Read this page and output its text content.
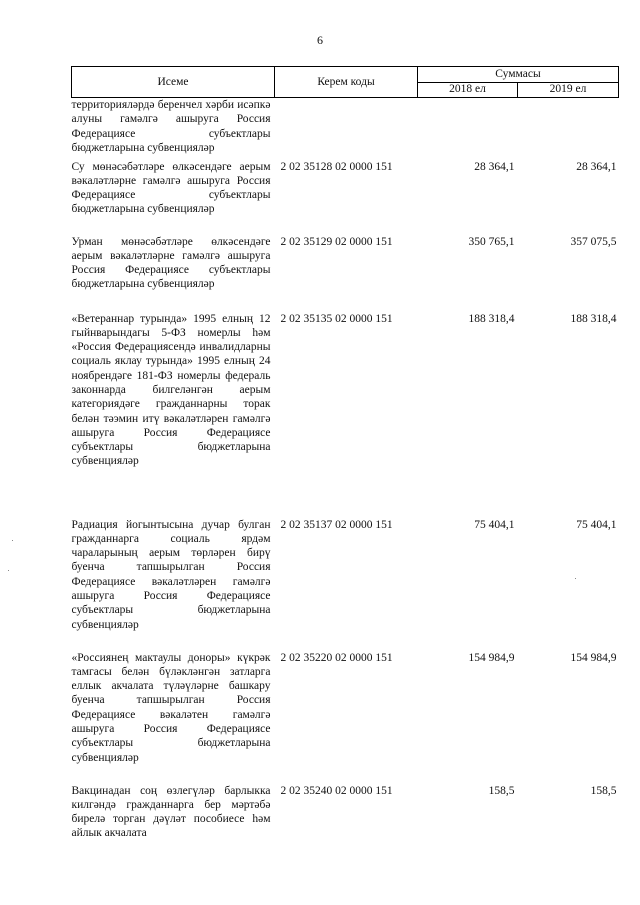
6
Исеме	Керем коды	Суммасы	
		2018 ел	2019 ел
территорияләрдә беренчел хәрби исәпкә алуны гамәлгә ашыруга Россия Федерациясе субъектлары бюджетларына субвенцияләр			
Су мөнәсәбәтләре өлкәсендәге аерым вәкаләтләрне гамәлгә ашыруга Россия Федерациясе субъектлары бюджетларына субвенцияләр	2 02 35128 02 0000 151	28 364,1	28 364,1
Урман мөнәсәбәтләре өлкәсендәге аерым вәкаләтләрне гамәлгә ашыруга Россия Федерациясе субъектлары бюджетларына субвенцияләр	2 02 35129 02 0000 151	350 765,1	357 075,5
«Ветераннар турында» 1995 елның 12 гыйнварындагы 5-ФЗ номерлы һәм «Россия Федерациясендә инвалидларны социаль яклау турында» 1995 елның 24 ноябрендәге 181-ФЗ номерлы федераль законнарда билгеләнгән аерым категориядәге гражданнарны торак белән тәэмин итү вәкаләтләрен гамәлгә ашыруга Россия Федерациясе субъектлары бюджетларына субвенцияләр	2 02 35135 02 0000 151	188 318,4	188 318,4
Радиация йогынтысына дучар булган гражданнарга социаль ярдәм чараларының аерым төрләрен бирү буенча тапшырылган Россия Федерациясе вәкаләтләрен гамәлгә ашыруга Россия Федерациясе субъектлары бюджетларына субвенцияләр	2 02 35137 02 0000 151	75 404,1	75 404,1
«Россиянең мактаулы доноры» күкрәк тамгасы белән бүләкләнгән затларга еллык акчалата түләүләрне башкару буенча тапшырылган Россия Федерациясе вәкаләтен гамәлгә ашыруга Россия Федерациясе субъектлары бюджетларына субвенцияләр	2 02 35220 02 0000 151	154 984,9	154 984,9
Вакцинадан соң өзлегүләр барлыкка килгәндә гражданнарга бер мәртәбә бирелә торган дәүләт пособиесе һәм айлык акчалата	2 02 35240 02 0000 151	158,5	158,5
